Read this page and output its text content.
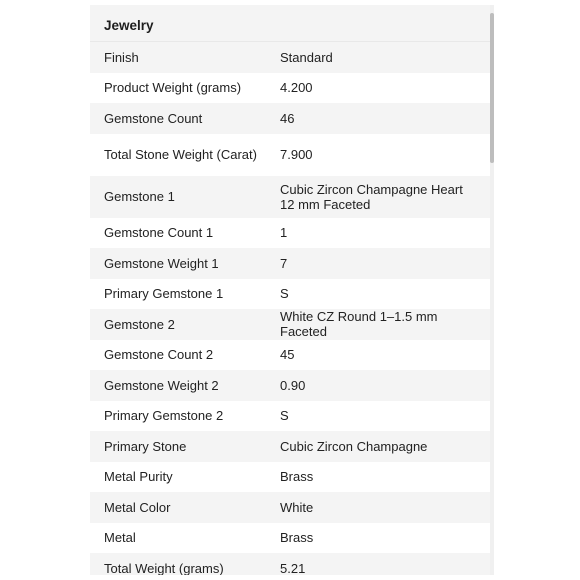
Jewelry
Finish	Standard
Product Weight (grams)	4.200
Gemstone Count	46
Total Stone Weight (Carat)	7.900
Gemstone 1	Cubic Zircon Champagne Heart 12 mm Faceted
Gemstone Count 1	1
Gemstone Weight 1	7
Primary Gemstone 1	S
Gemstone 2	White CZ Round 1–1.5 mm Faceted
Gemstone Count 2	45
Gemstone Weight 2	0.90
Primary Gemstone 2	S
Primary Stone	Cubic Zircon Champagne
Metal Purity	Brass
Metal Color	White
Metal	Brass
Total Weight (grams)	5.21
